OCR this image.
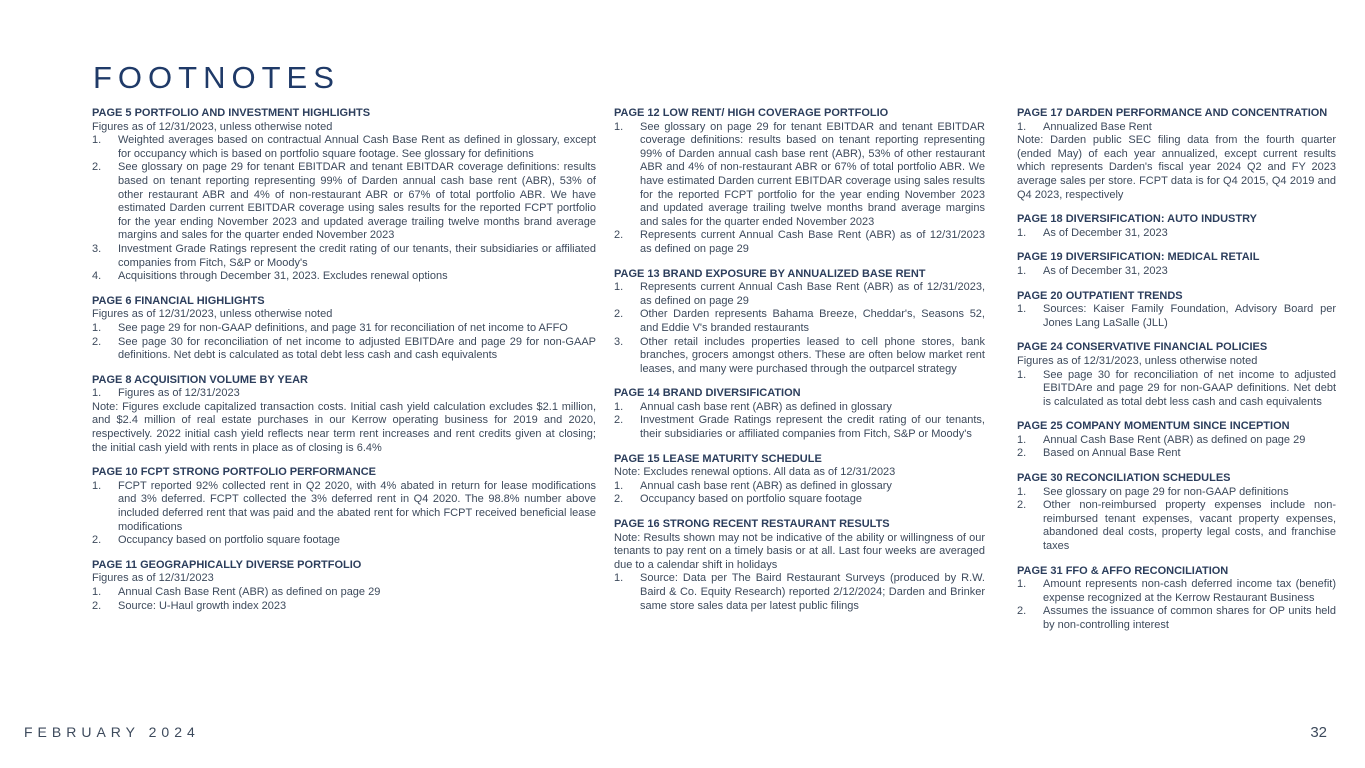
FOOTNOTES
PAGE 5 PORTFOLIO AND INVESTMENT HIGHLIGHTS
Figures as of 12/31/2023, unless otherwise noted
1.	Weighted averages based on contractual Annual Cash Base Rent as defined in glossary, except for occupancy which is based on portfolio square footage. See glossary for definitions
2.	See glossary on page 29 for tenant EBITDAR and tenant EBITDAR coverage definitions: results based on tenant reporting representing 99% of Darden annual cash base rent (ABR), 53% of other restaurant ABR and 4% of non-restaurant ABR or 67% of total portfolio ABR. We have estimated Darden current EBITDAR coverage using sales results for the reported FCPT portfolio for the year ending November 2023 and updated average trailing twelve months brand average margins and sales for the quarter ended November 2023
3.	Investment Grade Ratings represent the credit rating of our tenants, their subsidiaries or affiliated companies from Fitch, S&P or Moody's
4.	Acquisitions through December 31, 2023. Excludes renewal options
PAGE 6 FINANCIAL HIGHLIGHTS
Figures as of 12/31/2023, unless otherwise noted
1.	See page 29 for non-GAAP definitions, and page 31 for reconciliation of net income to AFFO
2.	See page 30 for reconciliation of net income to adjusted EBITDAre and page 29 for non-GAAP definitions. Net debt is calculated as total debt less cash and cash equivalents
PAGE 8 ACQUISITION VOLUME BY YEAR
1.	Figures as of 12/31/2023
Note: Figures exclude capitalized transaction costs. Initial cash yield calculation excludes $2.1 million, and $2.4 million of real estate purchases in our Kerrow operating business for 2019 and 2020, respectively. 2022 initial cash yield reflects near term rent increases and rent credits given at closing; the initial cash yield with rents in place as of closing is 6.4%
PAGE 10 FCPT STRONG PORTFOLIO PERFORMANCE
1.	FCPT reported 92% collected rent in Q2 2020, with 4% abated in return for lease modifications and 3% deferred. FCPT collected the 3% deferred rent in Q4 2020. The 98.8% number above included deferred rent that was paid and the abated rent for which FCPT received beneficial lease modifications
2.	Occupancy based on portfolio square footage
PAGE 11 GEOGRAPHICALLY DIVERSE PORTFOLIO
Figures as of 12/31/2023
1.	Annual Cash Base Rent (ABR) as defined on page 29
2.	Source: U-Haul growth index 2023
PAGE 12 LOW RENT/ HIGH COVERAGE PORTFOLIO
1.	See glossary on page 29 for tenant EBITDAR and tenant EBITDAR coverage definitions: results based on tenant reporting representing 99% of Darden annual cash base rent (ABR), 53% of other restaurant ABR and 4% of non-restaurant ABR or 67% of total portfolio ABR. We have estimated Darden current EBITDAR coverage using sales results for the reported FCPT portfolio for the year ending November 2023 and updated average trailing twelve months brand average margins and sales for the quarter ended November 2023
2.	Represents current Annual Cash Base Rent (ABR) as of 12/31/2023 as defined on page 29
PAGE 13 BRAND EXPOSURE BY ANNUALIZED BASE RENT
1.	Represents current Annual Cash Base Rent (ABR) as of 12/31/2023, as defined on page 29
2.	Other Darden represents Bahama Breeze, Cheddar's, Seasons 52, and Eddie V's branded restaurants
3.	Other retail includes properties leased to cell phone stores, bank branches, grocers amongst others. These are often below market rent leases, and many were purchased through the outparcel strategy
PAGE 14 BRAND DIVERSIFICATION
1.	Annual cash base rent (ABR) as defined in glossary
2.	Investment Grade Ratings represent the credit rating of our tenants, their subsidiaries or affiliated companies from Fitch, S&P or Moody's
PAGE 15 LEASE MATURITY SCHEDULE
Note: Excludes renewal options. All data as of 12/31/2023
1.	Annual cash base rent (ABR) as defined in glossary
2.	Occupancy based on portfolio square footage
PAGE 16 STRONG RECENT RESTAURANT RESULTS
Note: Results shown may not be indicative of the ability or willingness of our tenants to pay rent on a timely basis or at all. Last four weeks are averaged due to a calendar shift in holidays
1.	Source: Data per The Baird Restaurant Surveys (produced by R.W. Baird & Co. Equity Research) reported 2/12/2024; Darden and Brinker same store sales data per latest public filings
PAGE 17 DARDEN PERFORMANCE AND CONCENTRATION
1.	Annualized Base Rent
Note: Darden public SEC filing data from the fourth quarter (ended May) of each year annualized, except current results which represents Darden's fiscal year 2024 Q2 and FY 2023 average sales per store. FCPT data is for Q4 2015, Q4 2019 and Q4 2023, respectively
PAGE 18 DIVERSIFICATION: AUTO INDUSTRY
1.	As of December 31, 2023
PAGE 19 DIVERSIFICATION: MEDICAL RETAIL
1.	As of December 31, 2023
PAGE 20 OUTPATIENT TRENDS
1.	Sources: Kaiser Family Foundation, Advisory Board per Jones Lang LaSalle (JLL)
PAGE 24 CONSERVATIVE FINANCIAL POLICIES
Figures as of 12/31/2023, unless otherwise noted
1.	See page 30 for reconciliation of net income to adjusted EBITDAre and page 29 for non-GAAP definitions. Net debt is calculated as total debt less cash and cash equivalents
PAGE 25 COMPANY MOMENTUM SINCE INCEPTION
1.	Annual Cash Base Rent (ABR) as defined on page 29
2.	Based on Annual Base Rent
PAGE 30 RECONCILIATION SCHEDULES
1.	See glossary on page 29 for non-GAAP definitions
2.	Other non-reimbursed property expenses include non-reimbursed tenant expenses, vacant property expenses, abandoned deal costs, property legal costs, and franchise taxes
PAGE 31 FFO & AFFO RECONCILIATION
1.	Amount represents non-cash deferred income tax (benefit) expense recognized at the Kerrow Restaurant Business
2.	Assumes the issuance of common shares for OP units held by non-controlling interest
FEBRUARY 2024	32
